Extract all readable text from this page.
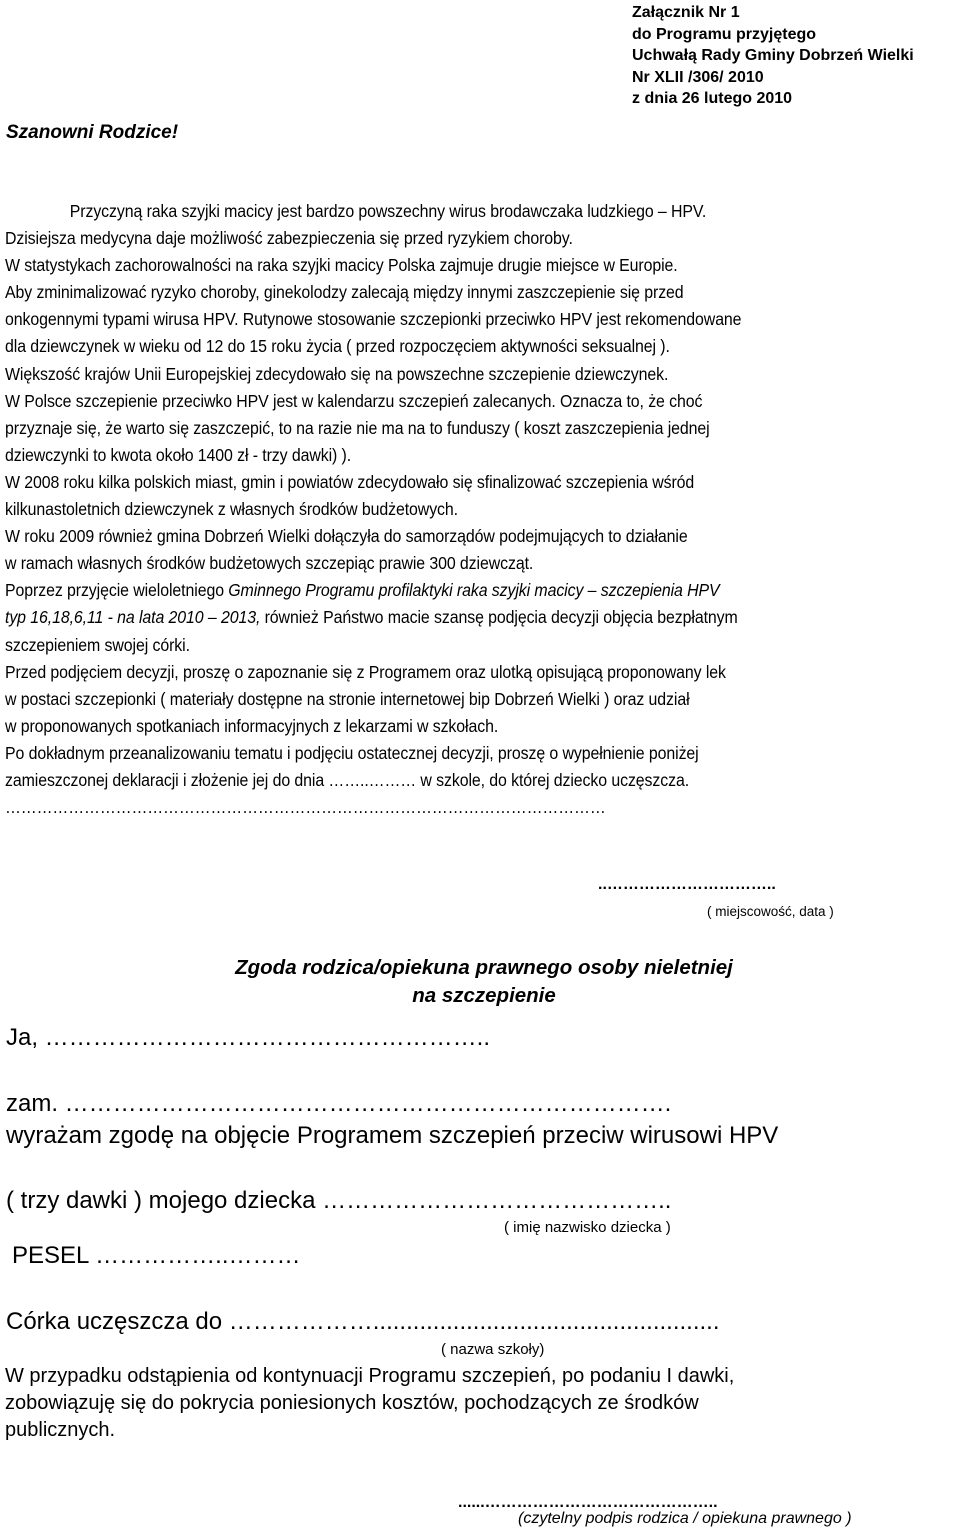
Załącznik Nr 1
do Programu przyjętego
Uchwałą Rady Gminy Dobrzeń Wielki
Nr XLII /306/ 2010
z dnia 26 lutego 2010
Szanowni Rodzice!
Przyczyną raka szyjki macicy jest bardzo powszechny wirus brodawczaka ludzkiego – HPV.
Dzisiejsza medycyna daje możliwość zabezpieczenia się przed ryzykiem choroby.
W statystykach zachorowalności na raka szyjki macicy Polska zajmuje drugie miejsce w Europie.
Aby zminimalizować ryzyko choroby, ginekolodzy zalecają między innymi zaszczepienie się przed
onkogennymi typami wirusa HPV. Rutynowe stosowanie szczepionki przeciwko HPV jest rekomendowane
dla dziewczynek w wieku od 12 do 15 roku życia ( przed rozpoczęciem aktywności seksualnej ).
Większość krajów Unii Europejskiej zdecydowało się na powszechne szczepienie dziewczynek.
W Polsce szczepienie przeciwko HPV jest w kalendarzu szczepień zalecanych. Oznacza to, że choć
przyznaje się, że warto się zaszczepić, to na razie nie ma na to funduszy ( koszt zaszczepienia jednej
dziewczynki to kwota około 1400 zł - trzy dawki) ).
W 2008 roku kilka polskich miast, gmin i powiatów zdecydowało się sfinalizować szczepienia wśród
kilkunastoletnich dziewczynek z własnych środków budżetowych.
W roku 2009 również gmina Dobrzeń Wielki dołączyła do samorządów podejmujących to działanie
w ramach własnych środków budżetowych szczepiąc prawie 300 dziewcząt.
Poprzez przyjęcie wieloletniego Gminnego Programu profilaktyki raka szyjki macicy – szczepienia HPV
typ 16,18,6,11 - na lata 2010 – 2013, również Państwo macie szansę podjęcia decyzji objęcia bezpłatnym
szczepieniem swojej córki.
Przed podjęciem decyzji, proszę o zapoznanie się z Programem oraz ulotką opisującą proponowany lek
w postaci szczepionki ( materiały dostępne na stronie internetowej bip Dobrzeń Wielki ) oraz udział
w proponowanych spotkaniach informacyjnych z lekarzami w szkołach.
Po dokładnym przeanalizowaniu tematu i podjęciu ostatecznej decyzji, proszę o wypełnienie poniżej
zamieszczonej deklaracji i złożenie jej do dnia ……..……… w szkole, do której dziecko uczęszcza.
……………………………………………………………………………………………………
..…………………………..
( miejscowość, data )
Zgoda rodzica/opiekuna prawnego osoby nieletniej
na szczepienie
Ja, ………………………………………………..
zam. ………………………………………………………………….
wyrażam zgodę na objęcie Programem szczepień przeciw wirusowi HPV
( trzy dawki ) mojego dziecka ……………………………………..
( imię nazwisko dziecka )
PESEL ……………..………
Córka uczęszcza do ………………....................................................
( nazwa szkoły)
W przypadku odstąpienia od kontynuacji Programu szczepień, po podaniu I dawki,
zobowiązuję się do pokrycia poniesionych kosztów, pochodzących ze środków
publicznych.
......……………………………………..
(czytelny podpis rodzica / opiekuna prawnego )
